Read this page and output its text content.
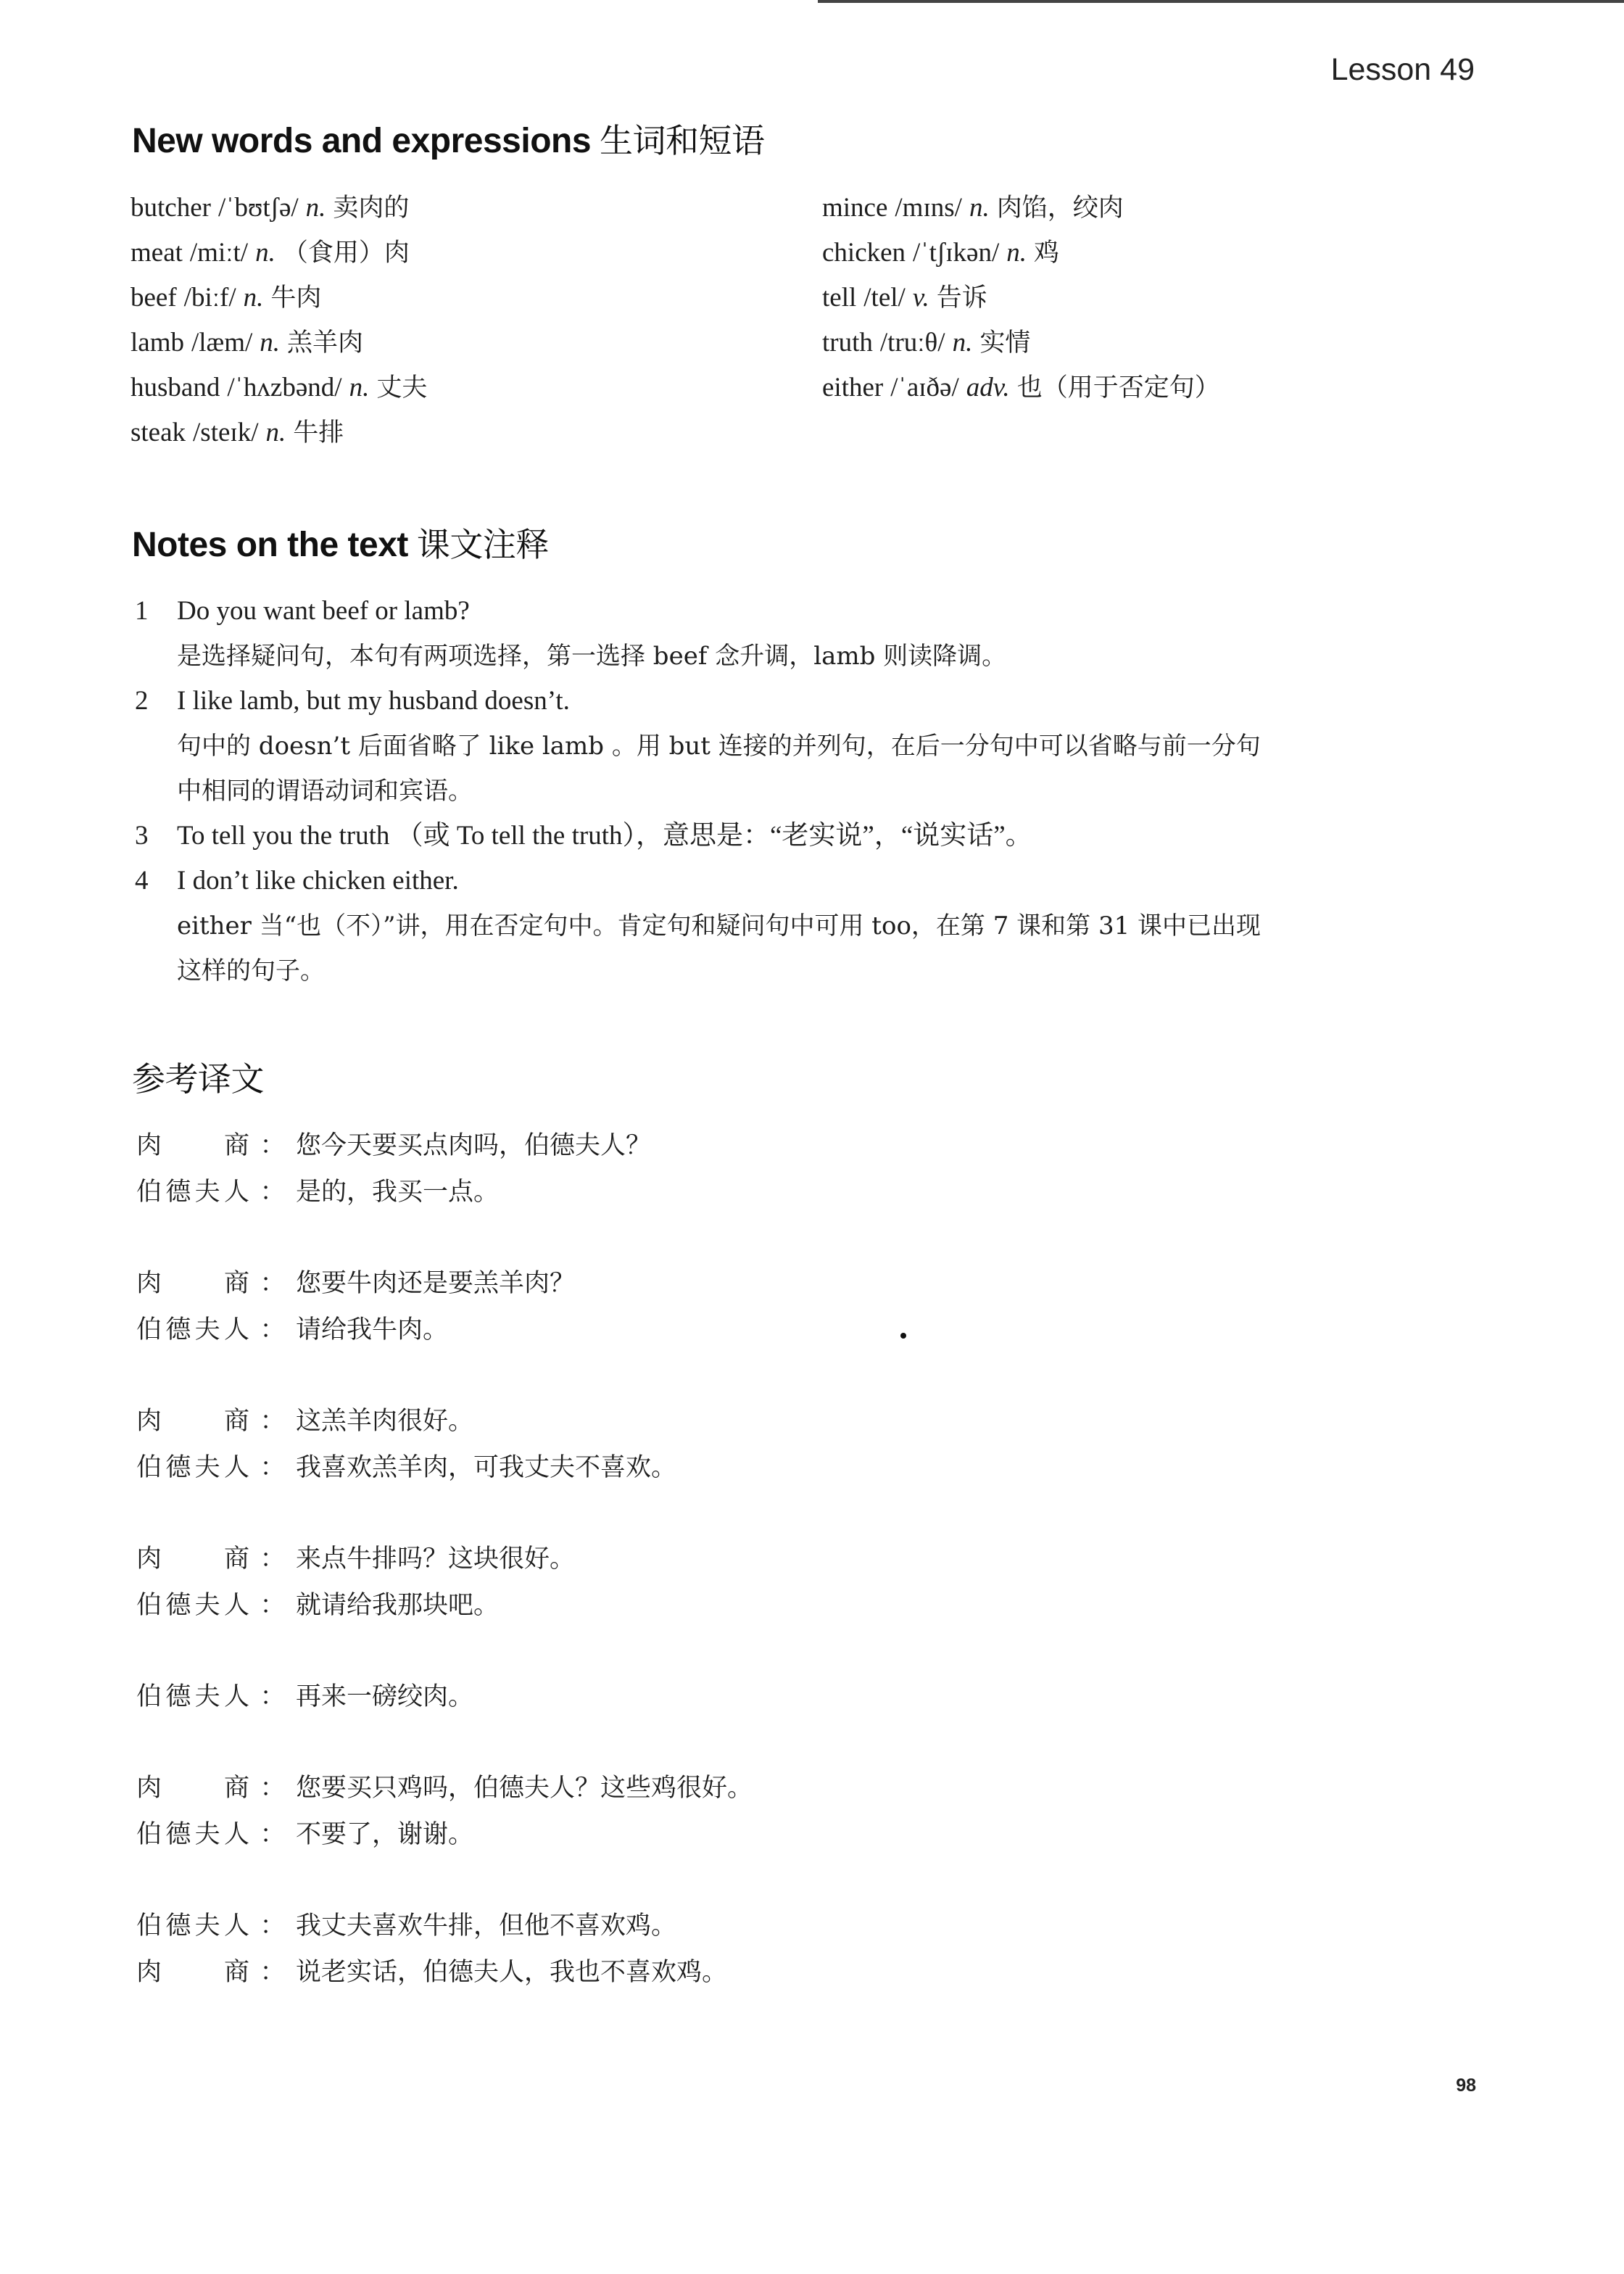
Lesson 49
New words and expressions 生词和短语
butcher /ˈbʊtʃə/ n. 卖肉的
meat /miːt/ n. （食用）肉
beef /biːf/ n. 牛肉
lamb /læm/ n. 羔羊肉
husband /ˈhʌzbənd/ n. 丈夫
steak /steɪk/ n. 牛排
mince /mɪns/ n. 肉馅，绞肉
chicken /ˈtʃɪkən/ n. 鸡
tell /tel/ v. 告诉
truth /truːθ/ n. 实情
either /ˈaɪðə/ adv. 也（用于否定句）
Notes on the text 课文注释
1 Do you want beef or lamb?
是选择疑问句，本句有两项选择，第一选择 beef 念升调，lamb 则读降调。
2 I like lamb, but my husband doesn’t.
句中的 doesn’t 后面省略了 like lamb 。用 but 连接的并列句，在后一分句中可以省略与前一分句
中相同的谓语动词和宾语。
3 To tell you the truth （或 To tell the truth），意思是：“老实说”，“说实话”。
4 I don’t like chicken either.
either 当“也（不）”讲，用在否定句中。肯定句和疑问句中可用 too，在第 7 课和第 31 课中已出现
这样的句子。
参考译文
肉商 ： 您今天要买点肉吗，伯德夫人？
伯德夫人 ： 是的，我买一点。
肉商 ： 您要牛肉还是要羔羊肉？
伯德夫人 ： 请给我牛肉。
肉商 ： 这羔羊肉很好。
伯德夫人 ： 我喜欢羔羊肉，可我丈夫不喜欢。
肉商 ： 来点牛排吗？这块很好。
伯德夫人 ： 就请给我那块吧。
伯德夫人 ： 再来一磅绞肉。
肉商 ： 您要买只鸡吗，伯德夫人？这些鸡很好。
伯德夫人 ： 不要了，谢谢。
伯德夫人 ： 我丈夫喜欢牛排，但他不喜欢鸡。
肉商 ： 说老实话，伯德夫人，我也不喜欢鸡。
98
